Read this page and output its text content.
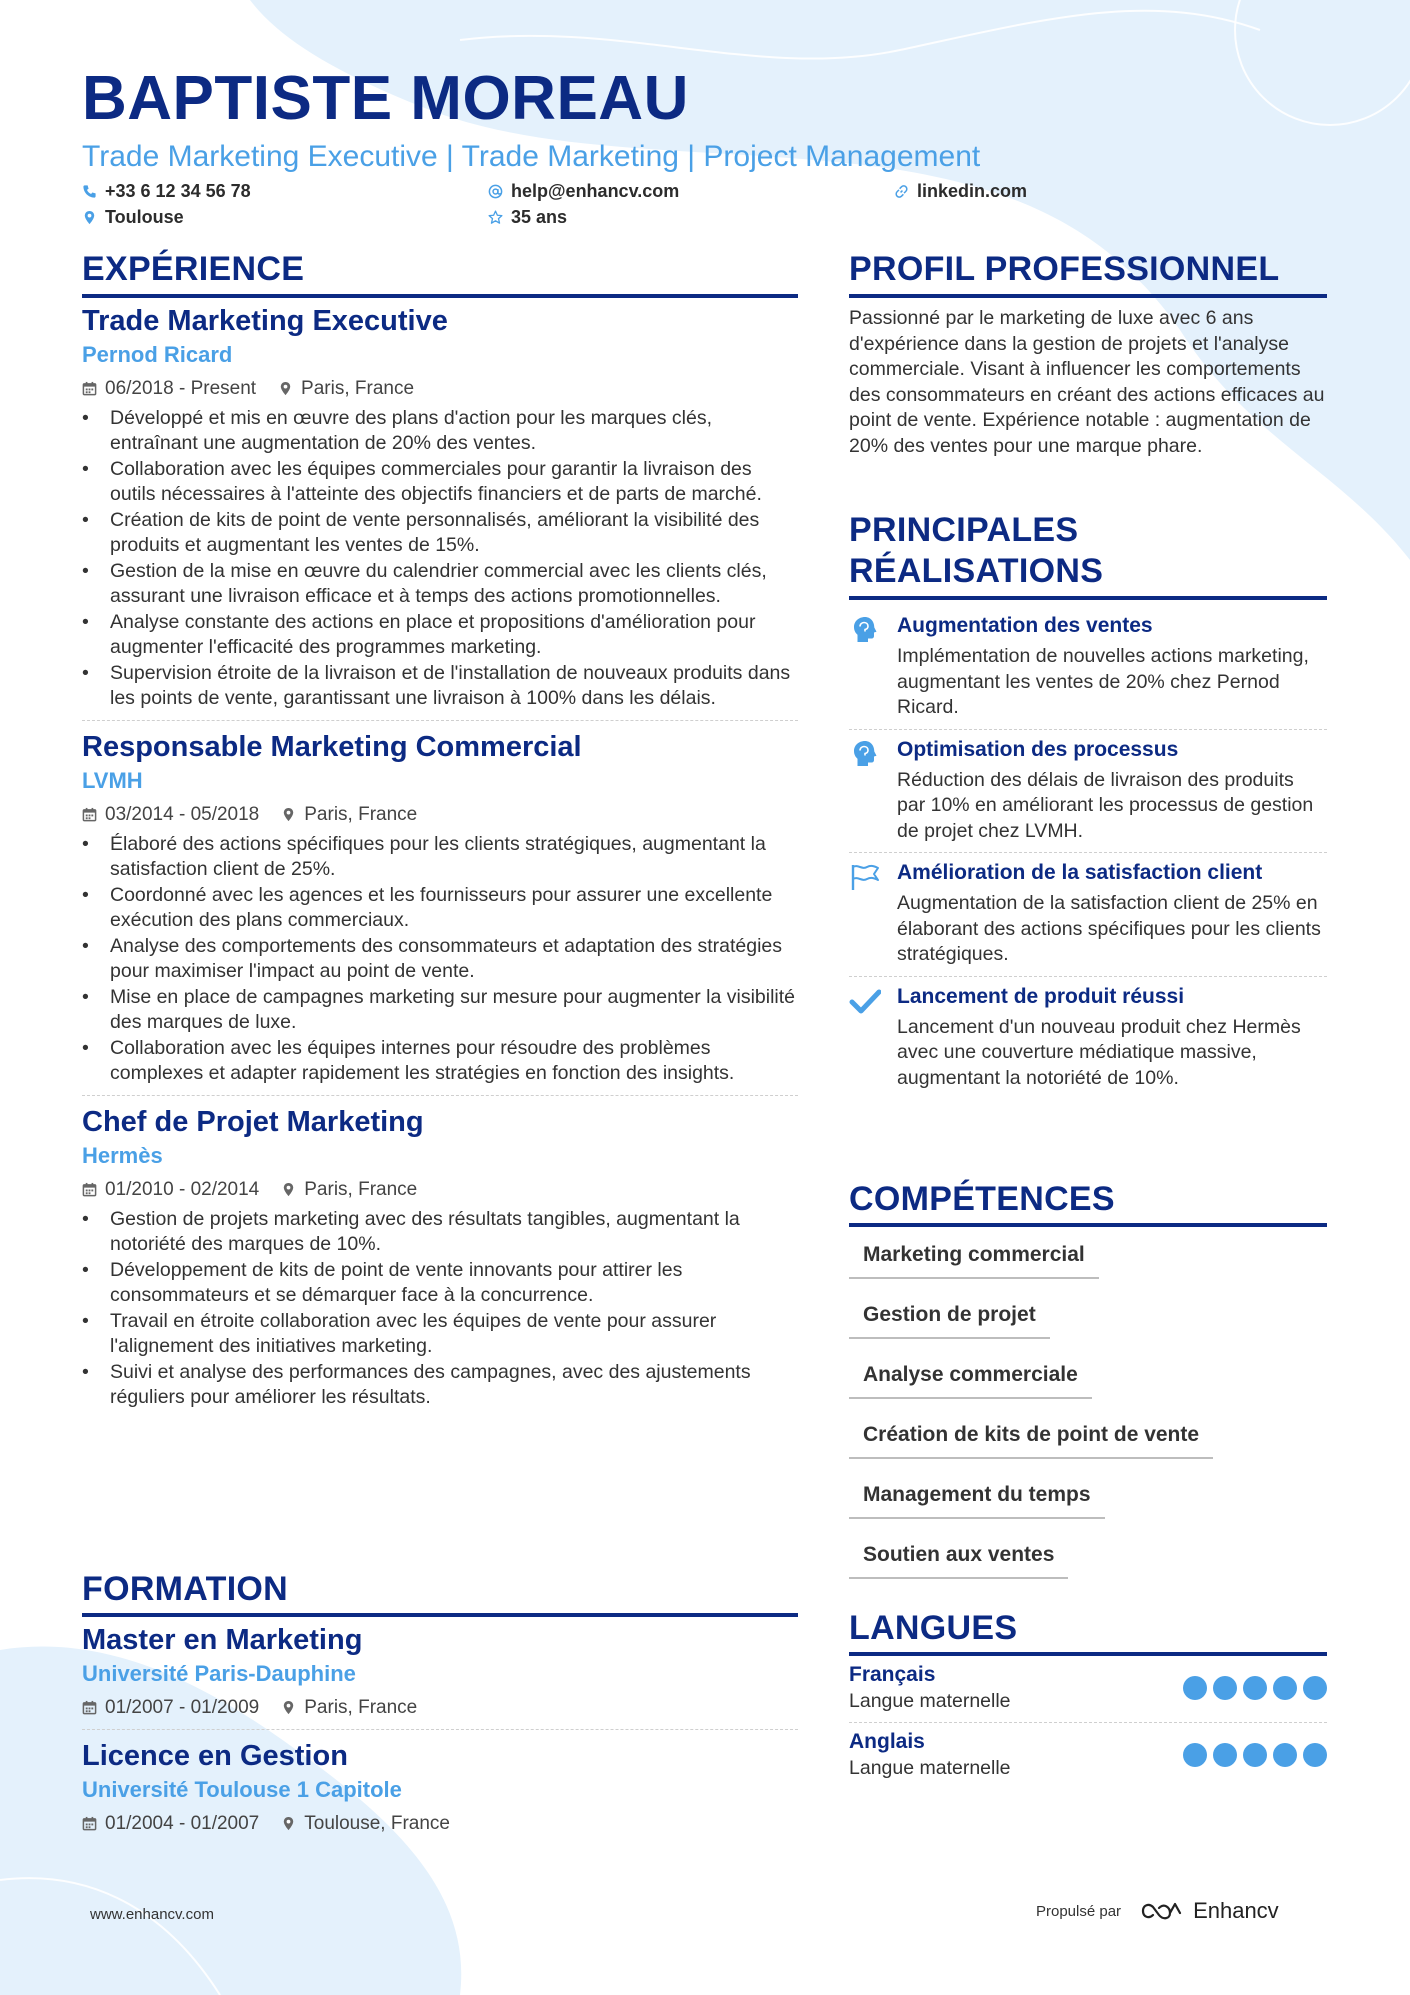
BAPTISTE MOREAU
Trade Marketing Executive | Trade Marketing | Project Management
+33 6 12 34 56 78	help@enhancv.com	linkedin.com
Toulouse	35 ans
EXPÉRIENCE
Trade Marketing Executive
Pernod Ricard
06/2018 - Present Paris, France
• Développé et mis en œuvre des plans d'action pour les marques clés, entraînant une augmentation de 20% des ventes.
• Collaboration avec les équipes commerciales pour garantir la livraison des outils nécessaires à l'atteinte des objectifs financiers et de parts de marché.
• Création de kits de point de vente personnalisés, améliorant la visibilité des produits et augmentant les ventes de 15%.
• Gestion de la mise en œuvre du calendrier commercial avec les clients clés, assurant une livraison efficace et à temps des actions promotionnelles.
• Analyse constante des actions en place et propositions d'amélioration pour augmenter l'efficacité des programmes marketing.
• Supervision étroite de la livraison et de l'installation de nouveaux produits dans les points de vente, garantissant une livraison à 100% dans les délais.
Responsable Marketing Commercial
LVMH
03/2014 - 05/2018 Paris, France
• Élaboré des actions spécifiques pour les clients stratégiques, augmentant la satisfaction client de 25%.
• Coordonné avec les agences et les fournisseurs pour assurer une excellente exécution des plans commerciaux.
• Analyse des comportements des consommateurs et adaptation des stratégies pour maximiser l'impact au point de vente.
• Mise en place de campagnes marketing sur mesure pour augmenter la visibilité des marques de luxe.
• Collaboration avec les équipes internes pour résoudre des problèmes complexes et adapter rapidement les stratégies en fonction des insights.
Chef de Projet Marketing
Hermès
01/2010 - 02/2014 Paris, France
• Gestion de projets marketing avec des résultats tangibles, augmentant la notoriété des marques de 10%.
• Développement de kits de point de vente innovants pour attirer les consommateurs et se démarquer face à la concurrence.
• Travail en étroite collaboration avec les équipes de vente pour assurer l'alignement des initiatives marketing.
• Suivi et analyse des performances des campagnes, avec des ajustements réguliers pour améliorer les résultats.
FORMATION
Master en Marketing
Université Paris-Dauphine
01/2007 - 01/2009 Paris, France
Licence en Gestion
Université Toulouse 1 Capitole
01/2004 - 01/2007 Toulouse, France
PROFIL PROFESSIONNEL
Passionné par le marketing de luxe avec 6 ans d'expérience dans la gestion de projets et l'analyse commerciale. Visant à influencer les comportements des consommateurs en créant des actions efficaces au point de vente. Expérience notable : augmentation de 20% des ventes pour une marque phare.
PRINCIPALES
RÉALISATIONS
Augmentation des ventes
Implémentation de nouvelles actions marketing, augmentant les ventes de 20% chez Pernod Ricard.
Optimisation des processus
Réduction des délais de livraison des produits par 10% en améliorant les processus de gestion de projet chez LVMH.
Amélioration de la satisfaction client
Augmentation de la satisfaction client de 25% en élaborant des actions spécifiques pour les clients stratégiques.
Lancement de produit réussi
Lancement d'un nouveau produit chez Hermès avec une couverture médiatique massive, augmentant la notoriété de 10%.
COMPÉTENCES
Marketing commercial
Gestion de projet
Analyse commerciale
Création de kits de point de vente
Management du temps
Soutien aux ventes
LANGUES
Français
Langue maternelle
Anglais
Langue maternelle
www.enhancv.com	Propulsé par	Enhancv
